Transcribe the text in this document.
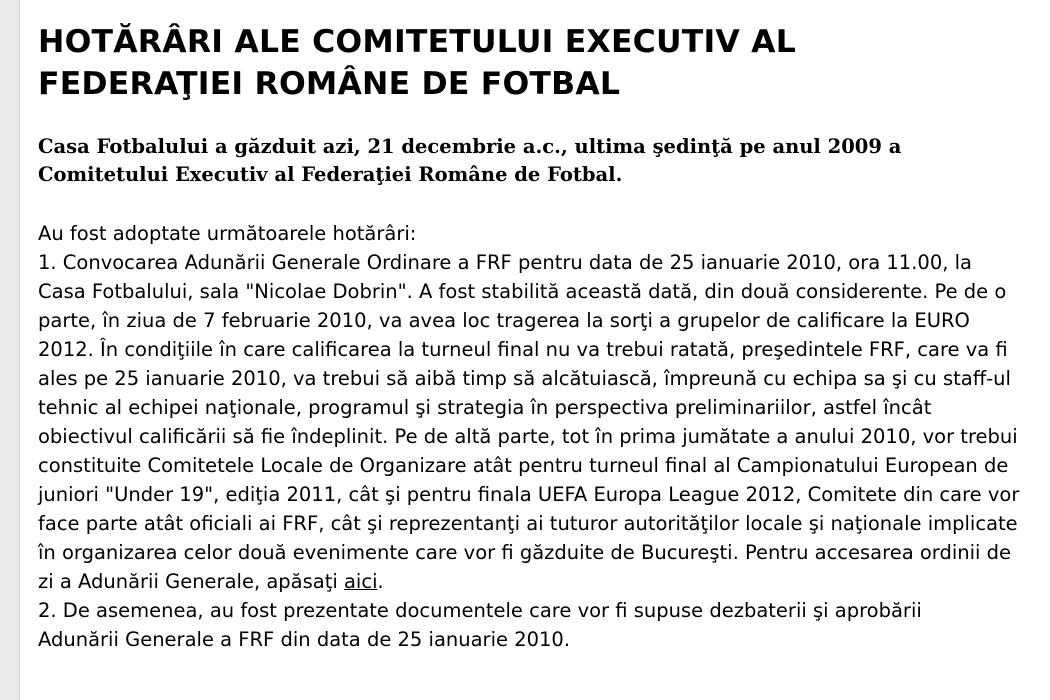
HOTĂRÂRI ALE COMITETULUI EXECUTIV AL FEDERAŢIEI ROMÂNE DE FOTBAL

Casa Fotbalului a găzduit azi, 21 decembrie a.c., ultima şedinţă pe anul 2009 a Comitetului Executiv al Federaţiei Române de Fotbal.

Au fost adoptate următoarele hotărâri:

1. Convocarea Adunării Generale Ordinare a FRF pentru data de 25 ianuarie 2010, ora 11.00, la Casa Fotbalului, sala "Nicolae Dobrin". A fost stabilită această dată, din două considerente. Pe de o parte, în ziua de 7 februarie 2010, va avea loc tragerea la sorţi a grupelor de calificare la EURO 2012. În condiţiile în care calificarea la turneul final nu va trebui ratată, preşedintele FRF, care va fi ales pe 25 ianuarie 2010, va trebui să aibă timp să alcătuiască, împreună cu echipa sa şi cu staff-ul tehnic al echipei naţionale, programul şi strategia în perspectiva preliminariilor, astfel încât obiectivul calificării să fie îndeplinit. Pe de altă parte, tot în prima jumătate a anului 2010, vor trebui constituite Comitetele Locale de Organizare atât pentru turneul final al Campionatului European de juniori "Under 19", ediţia 2011, cât şi pentru finala UEFA Europa League 2012, Comitete din care vor face parte atât oficiali ai FRF, cât şi reprezentanţi ai tuturor autorităţilor locale şi naţionale implicate în organizarea celor două evenimente care vor fi găzduite de Bucureşti. Pentru accesarea ordinii de zi a Adunării Generale, apăsaţi aici.

2. De asemenea, au fost prezentate documentele care vor fi supuse dezbaterii şi aprobării

Adunării Generale a FRF din data de 25 ianuarie 2010.
